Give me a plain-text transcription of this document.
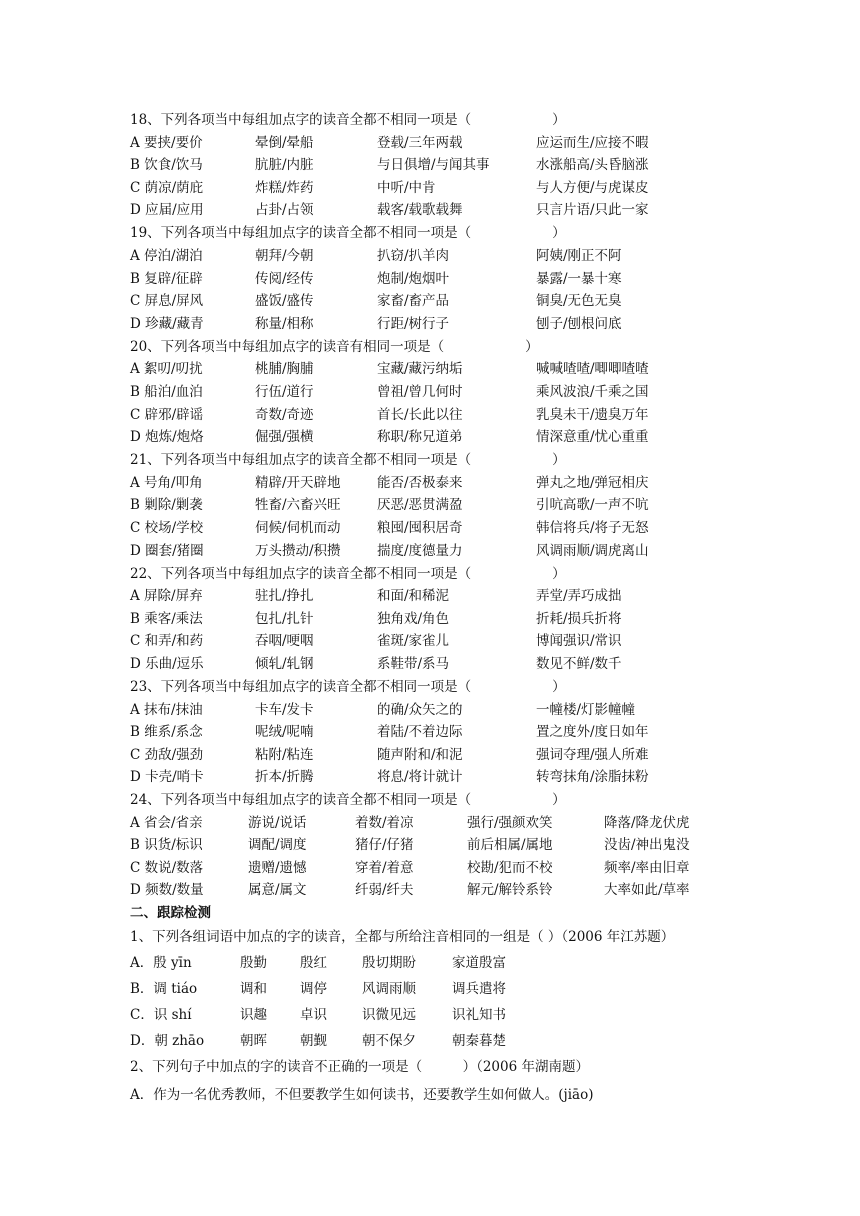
18、下列各项当中每组加点字的读音全都不相同一项是（　　　　　　）
A 要挟/要价	晕倒/晕船	登载/三年两载	应运而生/应接不暇
B 饮食/饮马	肮脏/内脏	与日俱增/与闻其事	水涨船高/头昏脑涨
C 荫凉/荫庇	炸糕/炸药	中听/中肯	与人方便/与虎谋皮
D 应届/应用	占卦/占领	载客/载歌载舞	只言片语/只此一家
19、下列各项当中每组加点字的读音全都不相同一项是（　　　　　　）
A 停泊/湖泊	朝拜/今朝	扒窃/扒羊肉	阿姨/刚正不阿
B 复辟/征辟	传阅/经传	炮制/炮烟叶	暴露/一暴十寒
C 屏息/屏风	盛饭/盛传	家畜/畜产品	铜臭/无色无臭
D 珍藏/藏青	称量/相称	行距/树行子	刨子/刨根问底
20、下列各项当中每组加点字的读音有相同一项是（　　　　　　）
A 絮叨/叨扰	桃脯/胸脯	宝藏/藏污纳垢	喊喊喳喳/唧唧喳喳
B 船泊/血泊	行伍/道行	曾祖/曾几何时	乘风波浪/千乘之国
C 辟邪/辟谣	奇数/奇迹	首长/长此以往	乳臭未干/遗臭万年
D 炮炼/炮烙	倔强/强横	称职/称兄道弟	情深意重/忧心重重
21、下列各项当中每组加点字的读音全都不相同一项是（　　　　　　）
A 号角/叩角	精辟/开天辟地	能否/否极泰来	弹丸之地/弹冠相庆
B 剿除/剿袭	牲畜/六畜兴旺	厌恶/恶贯满盈	引吭高歌/一声不吭
C 校场/学校	伺候/伺机而动	粮囤/囤积居奇	韩信将兵/将子无怒
D 圈套/猪圈	万头攒动/积攒	揣度/度德量力	风调雨顺/调虎离山
22、下列各项当中每组加点字的读音全都不相同一项是（　　　　　　）
A 屏除/屏弃	驻扎/挣扎	和面/和稀泥	弄堂/弄巧成拙
B 乘客/乘法	包扎/扎针	独角戏/角色	折耗/损兵折将
C 和弄/和药	吞咽/哽咽	雀斑/家雀儿	博闻强识/常识
D 乐曲/逗乐	倾轧/轧钢	系鞋带/系马	数见不鲜/数千
23、下列各项当中每组加点字的读音全都不相同一项是（　　　　　　）
A 抹布/抹油	卡车/发卡	的确/众矢之的	一幢楼/灯影幢幢
B 维系/系念	呢绒/呢喃	着陆/不着边际	置之度外/度日如年
C 劲敌/强劲	粘附/粘连	随声附和/和泥	强词夺理/强人所难
D 卡壳/哨卡	折本/折腾	将息/将计就计	转弯抹角/涂脂抹粉
24、下列各项当中每组加点字的读音全都不相同一项是（　　　　　　）
A 省会/省亲	游说/说话	着数/着凉	强行/强颜欢笑	降落/降龙伏虎
B 识货/标识	调配/调度	猪仔/仔猪	前后相属/属地	没齿/神出鬼没
C 数说/数落	遗赠/遗憾	穿着/着意	校勘/犯而不校	频率/率由旧章
D 频数/数量	属意/属文	纤弱/纤夫	解元/解铃系铃	大率如此/草率
二、跟踪检测
1、下列各组词语中加点的字的读音，全都与所给注音相同的一组是（ ）（2006 年江苏题）
A．殷 yīn	殷勤 殷红	殷切期盼	家道殷富
B．调 tiáo	调和 调停	风调雨顺	调兵遣将
C．识 shí	识趣 卓识	识微见远	识礼知书
D．朝 zhāo	朝晖 朝觐	朝不保夕	朝秦暮楚
2、下列句子中加点的字的读音不正确的一项是（　　　）（2006 年湖南题）
A．作为一名优秀教师，不但要教学生如何读书，还要教学生如何做人。(jiāo)
